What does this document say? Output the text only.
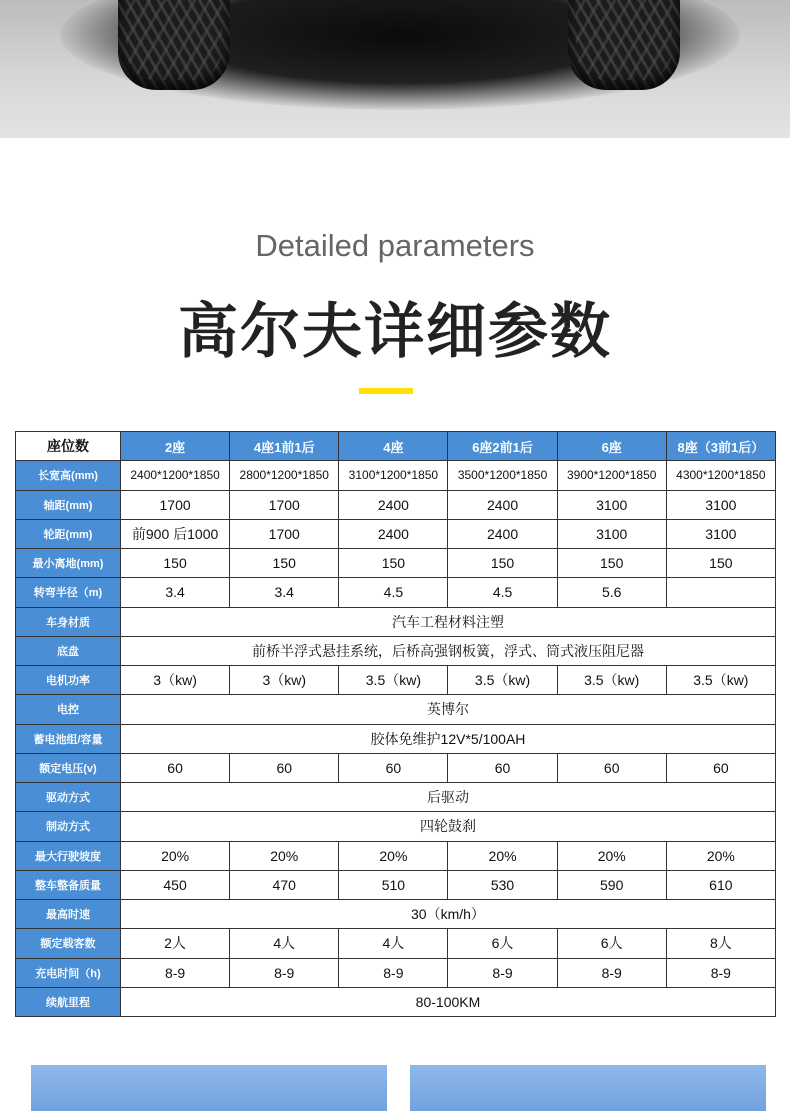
Detailed parameters
高尔夫详细参数
座位数	2座	4座1前1后	4座	6座2前1后	6座	8座（3前1后）
长宽高(mm)	2400*1200*1850	2800*1200*1850	3100*1200*1850	3500*1200*1850	3900*1200*1850	4300*1200*1850
轴距(mm)	1700	1700	2400	2400	3100	3100
轮距(mm)	前900 后1000	1700	2400	2400	3100	3100
最小离地(mm)	150	150	150	150	150	150
转弯半径（m)	3.4	3.4	4.5	4.5	5.6	
车身材质	汽车工程材料注塑					
底盘	前桥半浮式悬挂系统，后桥高强钢板簧，浮式、筒式液压阻尼器					
电机功率	3（kw)	3（kw)	3.5（kw)	3.5（kw)	3.5（kw)	3.5（kw)
电控	英博尔					
蓄电池组/容量	胶体免维护12V*5/100AH					
额定电压(v)	60	60	60	60	60	60
驱动方式	后驱动					
制动方式	四轮鼓刹					
最大行驶坡度	20%	20%	20%	20%	20%	20%
整车整备质量	450	470	510	530	590	610
最高时速	30（km/h）					
额定载客数	2人	4人	4人	6人	6人	8人
充电时间（h)	8-9	8-9	8-9	8-9	8-9	8-9
续航里程	80-100KM					
